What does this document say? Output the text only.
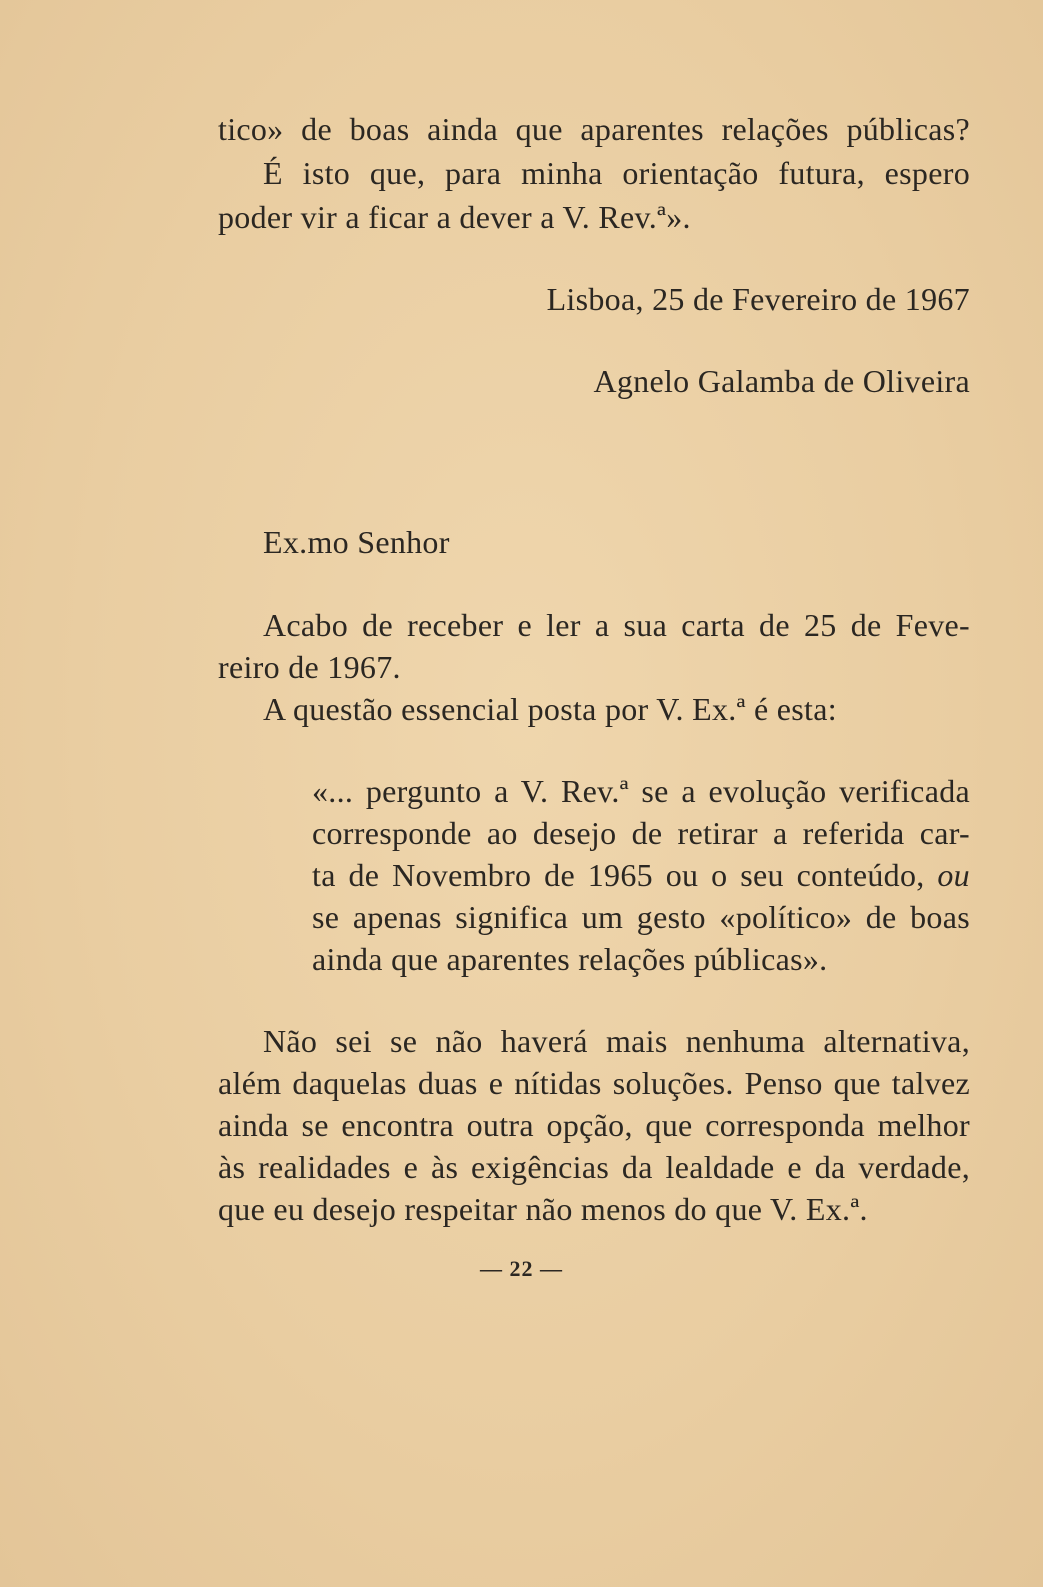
tico» de boas ainda que aparentes relações públicas?
É isto que, para minha orientação futura, espero
poder vir a ficar a dever a V. Rev.ª».
Lisboa, 25 de Fevereiro de 1967
Agnelo Galamba de Oliveira
Ex.mo Senhor
Acabo de receber e ler a sua carta de 25 de Feve-
reiro de 1967.
A questão essencial posta por V. Ex.ª é esta:
«... pergunto a V. Rev.ª se a evolução verificada
corresponde ao desejo de retirar a referida car-
ta de Novembro de 1965 ou o seu conteúdo, ou
se apenas significa um gesto «político» de boas
ainda que aparentes relações públicas».
Não sei se não haverá mais nenhuma alternativa,
além daquelas duas e nítidas soluções. Penso que talvez
ainda se encontra outra opção, que corresponda melhor
às realidades e às exigências da lealdade e da verdade,
que eu desejo respeitar não menos do que V. Ex.ª.
— 22 —
